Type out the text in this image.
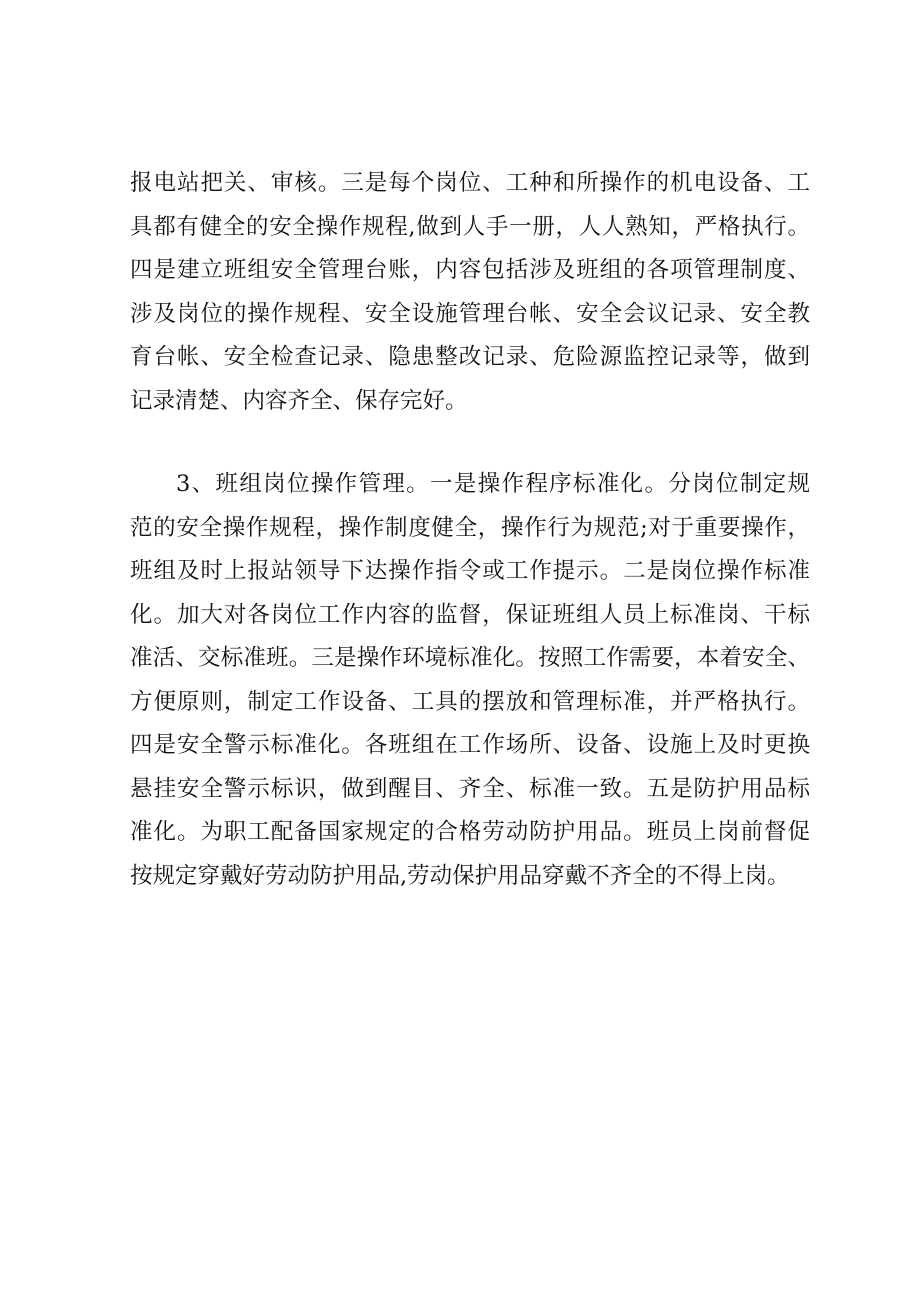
报电站把关、审核。三是每个岗位、工种和所操作的机电设备、工
具都有健全的安全操作规程,做到人手一册，人人熟知，严格执行。
四是建立班组安全管理台账，内容包括涉及班组的各项管理制度、
涉及岗位的操作规程、安全设施管理台帐、安全会议记录、安全教
育台帐、安全检查记录、隐患整改记录、危险源监控记录等，做到
记录清楚、内容齐全、保存完好。
3、班组岗位操作管理。一是操作程序标准化。分岗位制定规
范的安全操作规程，操作制度健全，操作行为规范;对于重要操作，
班组及时上报站领导下达操作指令或工作提示。二是岗位操作标准
化。加大对各岗位工作内容的监督，保证班组人员上标准岗、干标
准活、交标准班。三是操作环境标准化。按照工作需要，本着安全、
方便原则，制定工作设备、工具的摆放和管理标准，并严格执行。
四是安全警示标准化。各班组在工作场所、设备、设施上及时更换
悬挂安全警示标识，做到醒目、齐全、标准一致。五是防护用品标
准化。为职工配备国家规定的合格劳动防护用品。班员上岗前督促
按规定穿戴好劳动防护用品,劳动保护用品穿戴不齐全的不得上岗。
